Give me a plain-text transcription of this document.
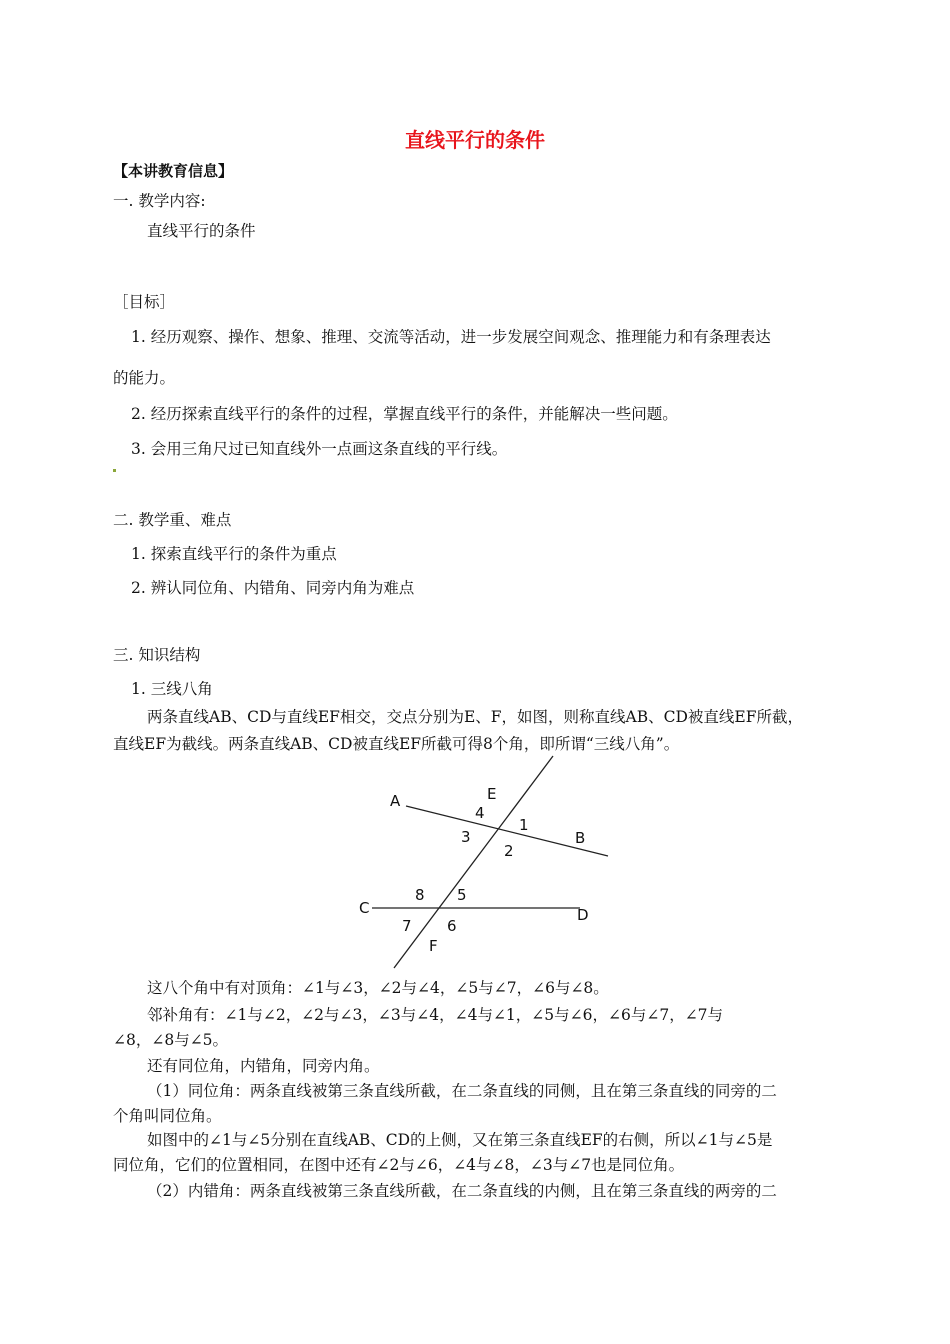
直线平行的条件
【本讲教育信息】
一. 教学内容:
直线平行的条件
［目标］
1. 经历观察、操作、想象、推理、交流等活动，进一步发展空间观念、推理能力和有条理表达
的能力。
2. 经历探索直线平行的条件的过程，掌握直线平行的条件，并能解决一些问题。
3. 会用三角尺过已知直线外一点画这条直线的平行线。
二. 教学重、难点
1. 探索直线平行的条件为重点
2. 辨认同位角、内错角、同旁内角为难点
三. 知识结构
1. 三线八角
两条直线AB、CD与直线EF相交，交点分别为E、F，如图，则称直线AB、CD被直线EF所截，
直线EF为截线。两条直线AB、CD被直线EF所截可得8个角，即所谓“三线八角”。
A
B
C	D
E
F
4
1
3
2
8 5
7 6
这八个角中有对顶角：∠1与∠3，∠2与∠4，∠5与∠7，∠6与∠8。
邻补角有：∠1与∠2，∠2与∠3，∠3与∠4，∠4与∠1，∠5与∠6，∠6与∠7，∠7与
∠8，∠8与∠5。
还有同位角，内错角，同旁内角。
（1）同位角：两条直线被第三条直线所截，在二条直线的同侧，且在第三条直线的同旁的二
个角叫同位角。
如图中的∠1与∠5分别在直线AB、CD的上侧，又在第三条直线EF的右侧，所以∠1与∠5是
同位角，它们的位置相同，在图中还有∠2与∠6，∠4与∠8，∠3与∠7也是同位角。
（2）内错角：两条直线被第三条直线所截，在二条直线的内侧，且在第三条直线的两旁的二
